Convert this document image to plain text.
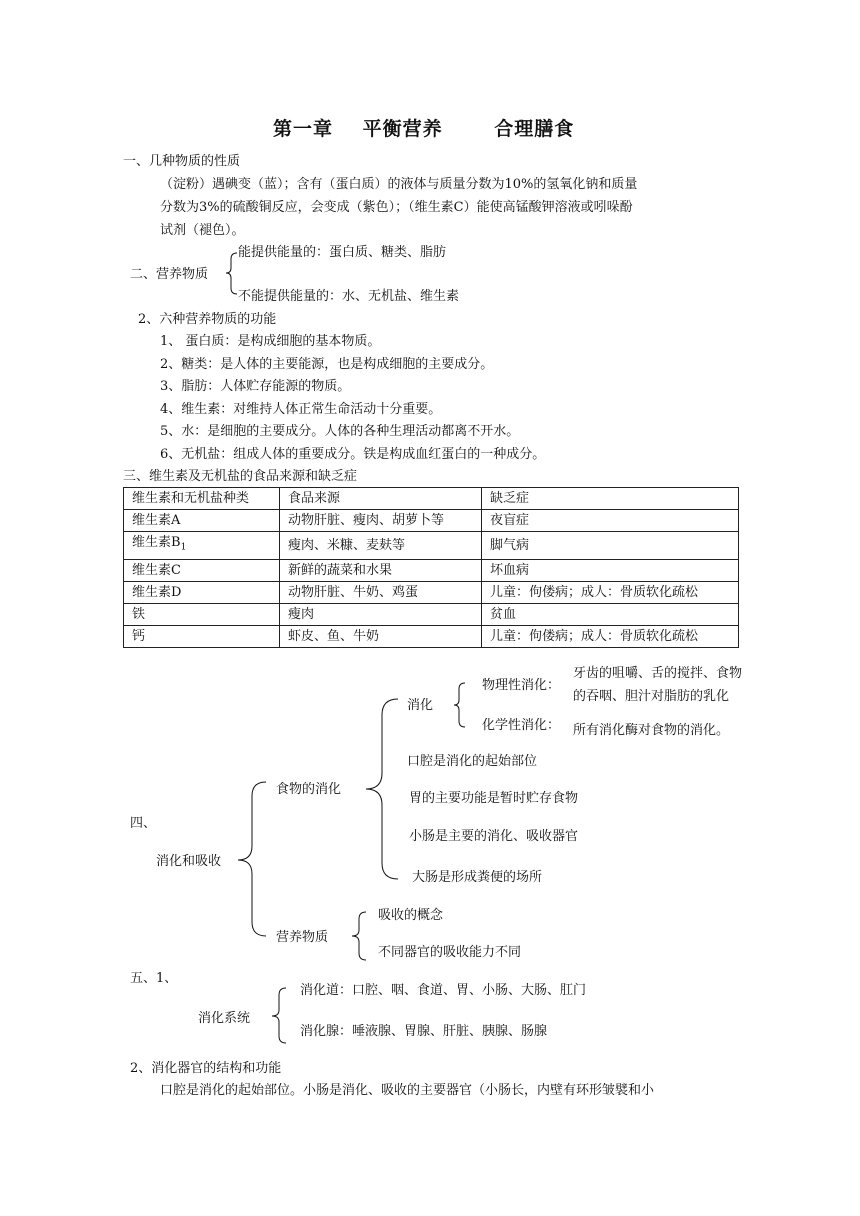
第一章 平衡营养	合理膳食
一、几种物质的性质
（淀粉）遇碘变（蓝）；含有（蛋白质）的液体与质量分数为10%的氢氧化钠和质量
分数为3%的硫酸铜反应，会变成（紫色）；（维生素C）能使高锰酸钾溶液或吲哚酚
试剂（褪色）。
能提供能量的：蛋白质、糖类、脂肪
二、营养物质
不能提供能量的：水、无机盐、维生素
2、六种营养物质的功能
1、 蛋白质：是构成细胞的基本物质。
2、糖类：是人体的主要能源，也是构成细胞的主要成分。
3、脂肪：人体贮存能源的物质。
4、维生素：对维持人体正常生命活动十分重要。
5、水：是细胞的主要成分。人体的各种生理活动都离不开水。
6、无机盐：组成人体的重要成分。铁是构成血红蛋白的一种成分。
三、维生素及无机盐的食品来源和缺乏症
维生素和无机盐种类	食品来源	缺乏症
维生素A	动物肝脏、瘦肉、胡萝卜等	夜盲症
维生素$B_1$	瘦肉、米糠、麦麸等	脚气病
维生素C	新鲜的蔬菜和水果	坏血病
维生素D	动物肝脏、牛奶、鸡蛋	儿童：佝偻病；成人：骨质软化疏松
铁	瘦肉	贫血
钙	虾皮、鱼、牛奶	儿童：佝偻病；成人：骨质软化疏松
牙齿的咀嚼、舌的搅拌、食物
物理性消化：
的吞咽、胆汁对脂肪的乳化
消化
化学性消化： 所有消化酶对食物的消化。
口腔是消化的起始部位
食物的消化
胃的主要功能是暂时贮存食物
四、
小肠是主要的消化、吸收器官
消化和吸收
大肠是形成粪便的场所
吸收的概念
营养物质
不同器官的吸收能力不同
五、1、
消化道：口腔、咽、食道、胃、小肠、大肠、肛门
消化系统
消化腺：唾液腺、胃腺、肝脏、胰腺、肠腺
2、消化器官的结构和功能
口腔是消化的起始部位。小肠是消化、吸收的主要器官（小肠长，内壁有环形皱襞和小
